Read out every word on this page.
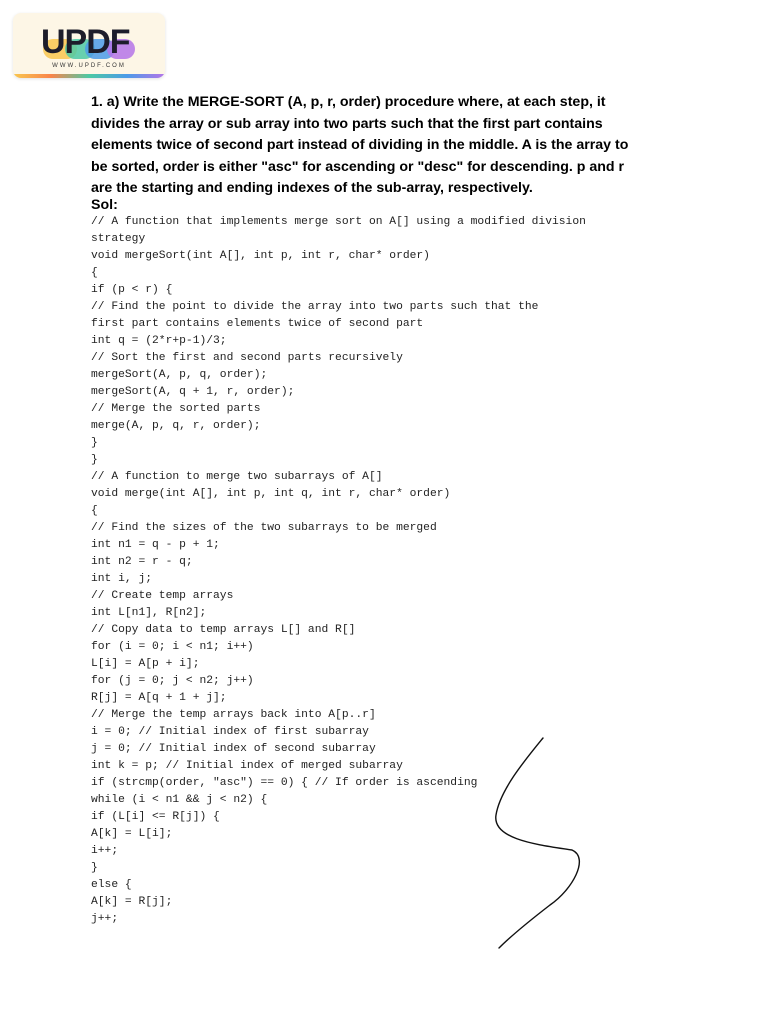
UPDF
WWW.UPDF.COM
1. a) Write the MERGE-SORT (A, p, r, order) procedure where, at each step, it
divides the array or sub array into two parts such that the first part contains
elements twice of second part instead of dividing in the middle. A is the array to
be sorted, order is either "asc" for ascending or "desc" for descending. p and r
are the starting and ending indexes of the sub-array, respectively.
Sol:
// A function that implements merge sort on A[] using a modified division
strategy
void mergeSort(int A[], int p, int r, char* order)
{
if (p < r) {
// Find the point to divide the array into two parts such that the
first part contains elements twice of second part
int q = (2*r+p-1)/3;
// Sort the first and second parts recursively
mergeSort(A, p, q, order);
mergeSort(A, q + 1, r, order);
// Merge the sorted parts
merge(A, p, q, r, order);
}
}
// A function to merge two subarrays of A[]
void merge(int A[], int p, int q, int r, char* order)
{
// Find the sizes of the two subarrays to be merged
int n1 = q - p + 1;
int n2 = r - q;
int i, j;
// Create temp arrays
int L[n1], R[n2];
// Copy data to temp arrays L[] and R[]
for (i = 0; i < n1; i++)
L[i] = A[p + i];
for (j = 0; j < n2; j++)
R[j] = A[q + 1 + j];
// Merge the temp arrays back into A[p..r]
i = 0; // Initial index of first subarray
j = 0; // Initial index of second subarray
int k = p; // Initial index of merged subarray
if (strcmp(order, "asc") == 0) { // If order is ascending
while (i < n1 && j < n2) {
if (L[i] <= R[j]) {
A[k] = L[i];
i++;
}
else {
A[k] = R[j];
j++;
